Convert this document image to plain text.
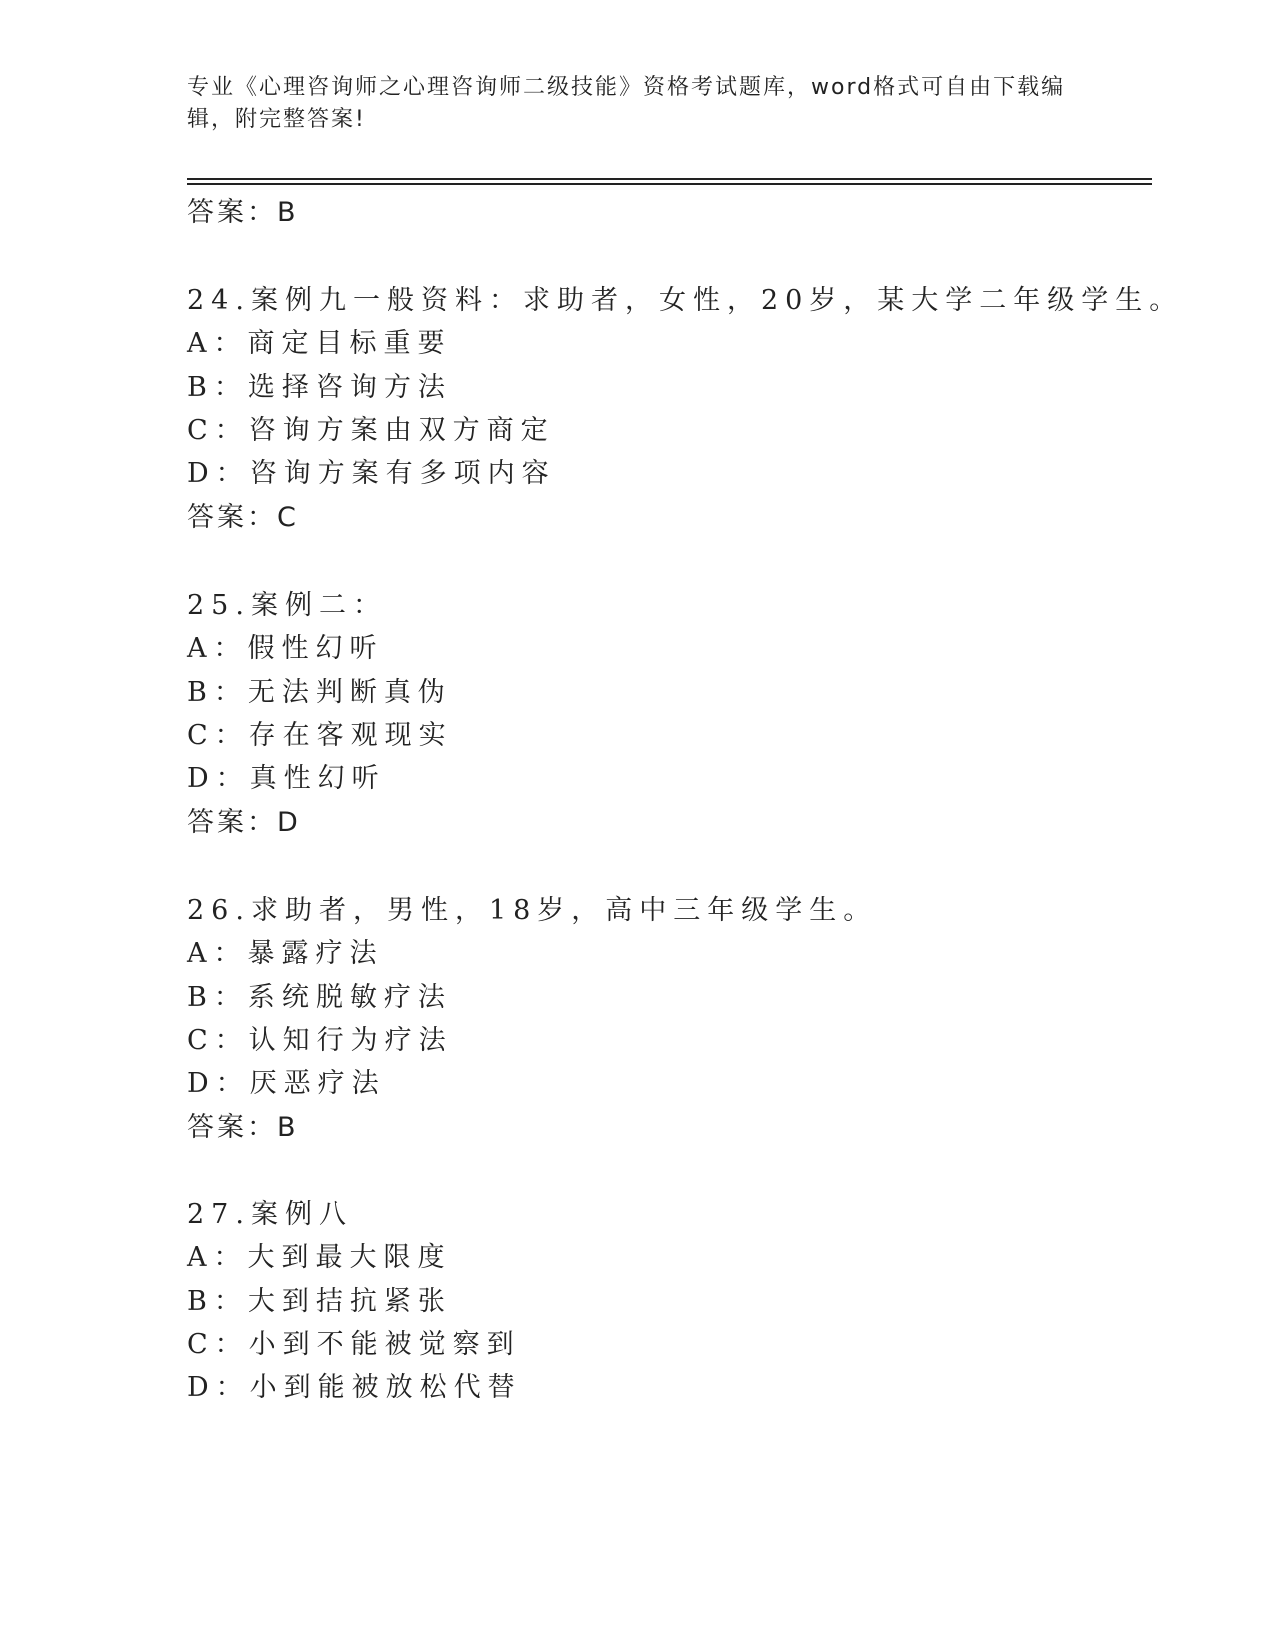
专业《心理咨询师之心理咨询师二级技能》资格考试题库，word格式可自由下载编辑，附完整答案!
答案：B
24.案例九一般资料：求助者，女性，20岁，某大学二年级学生。
A：商定目标重要
B：选择咨询方法
C：咨询方案由双方商定
D：咨询方案有多项内容
答案：C
25.案例二：
A：假性幻听
B：无法判断真伪
C：存在客观现实
D：真性幻听
答案：D
26.求助者，男性，18岁，高中三年级学生。
A：暴露疗法
B：系统脱敏疗法
C：认知行为疗法
D：厌恶疗法
答案：B
27.案例八
A：大到最大限度
B：大到拮抗紧张
C：小到不能被觉察到
D：小到能被放松代替
